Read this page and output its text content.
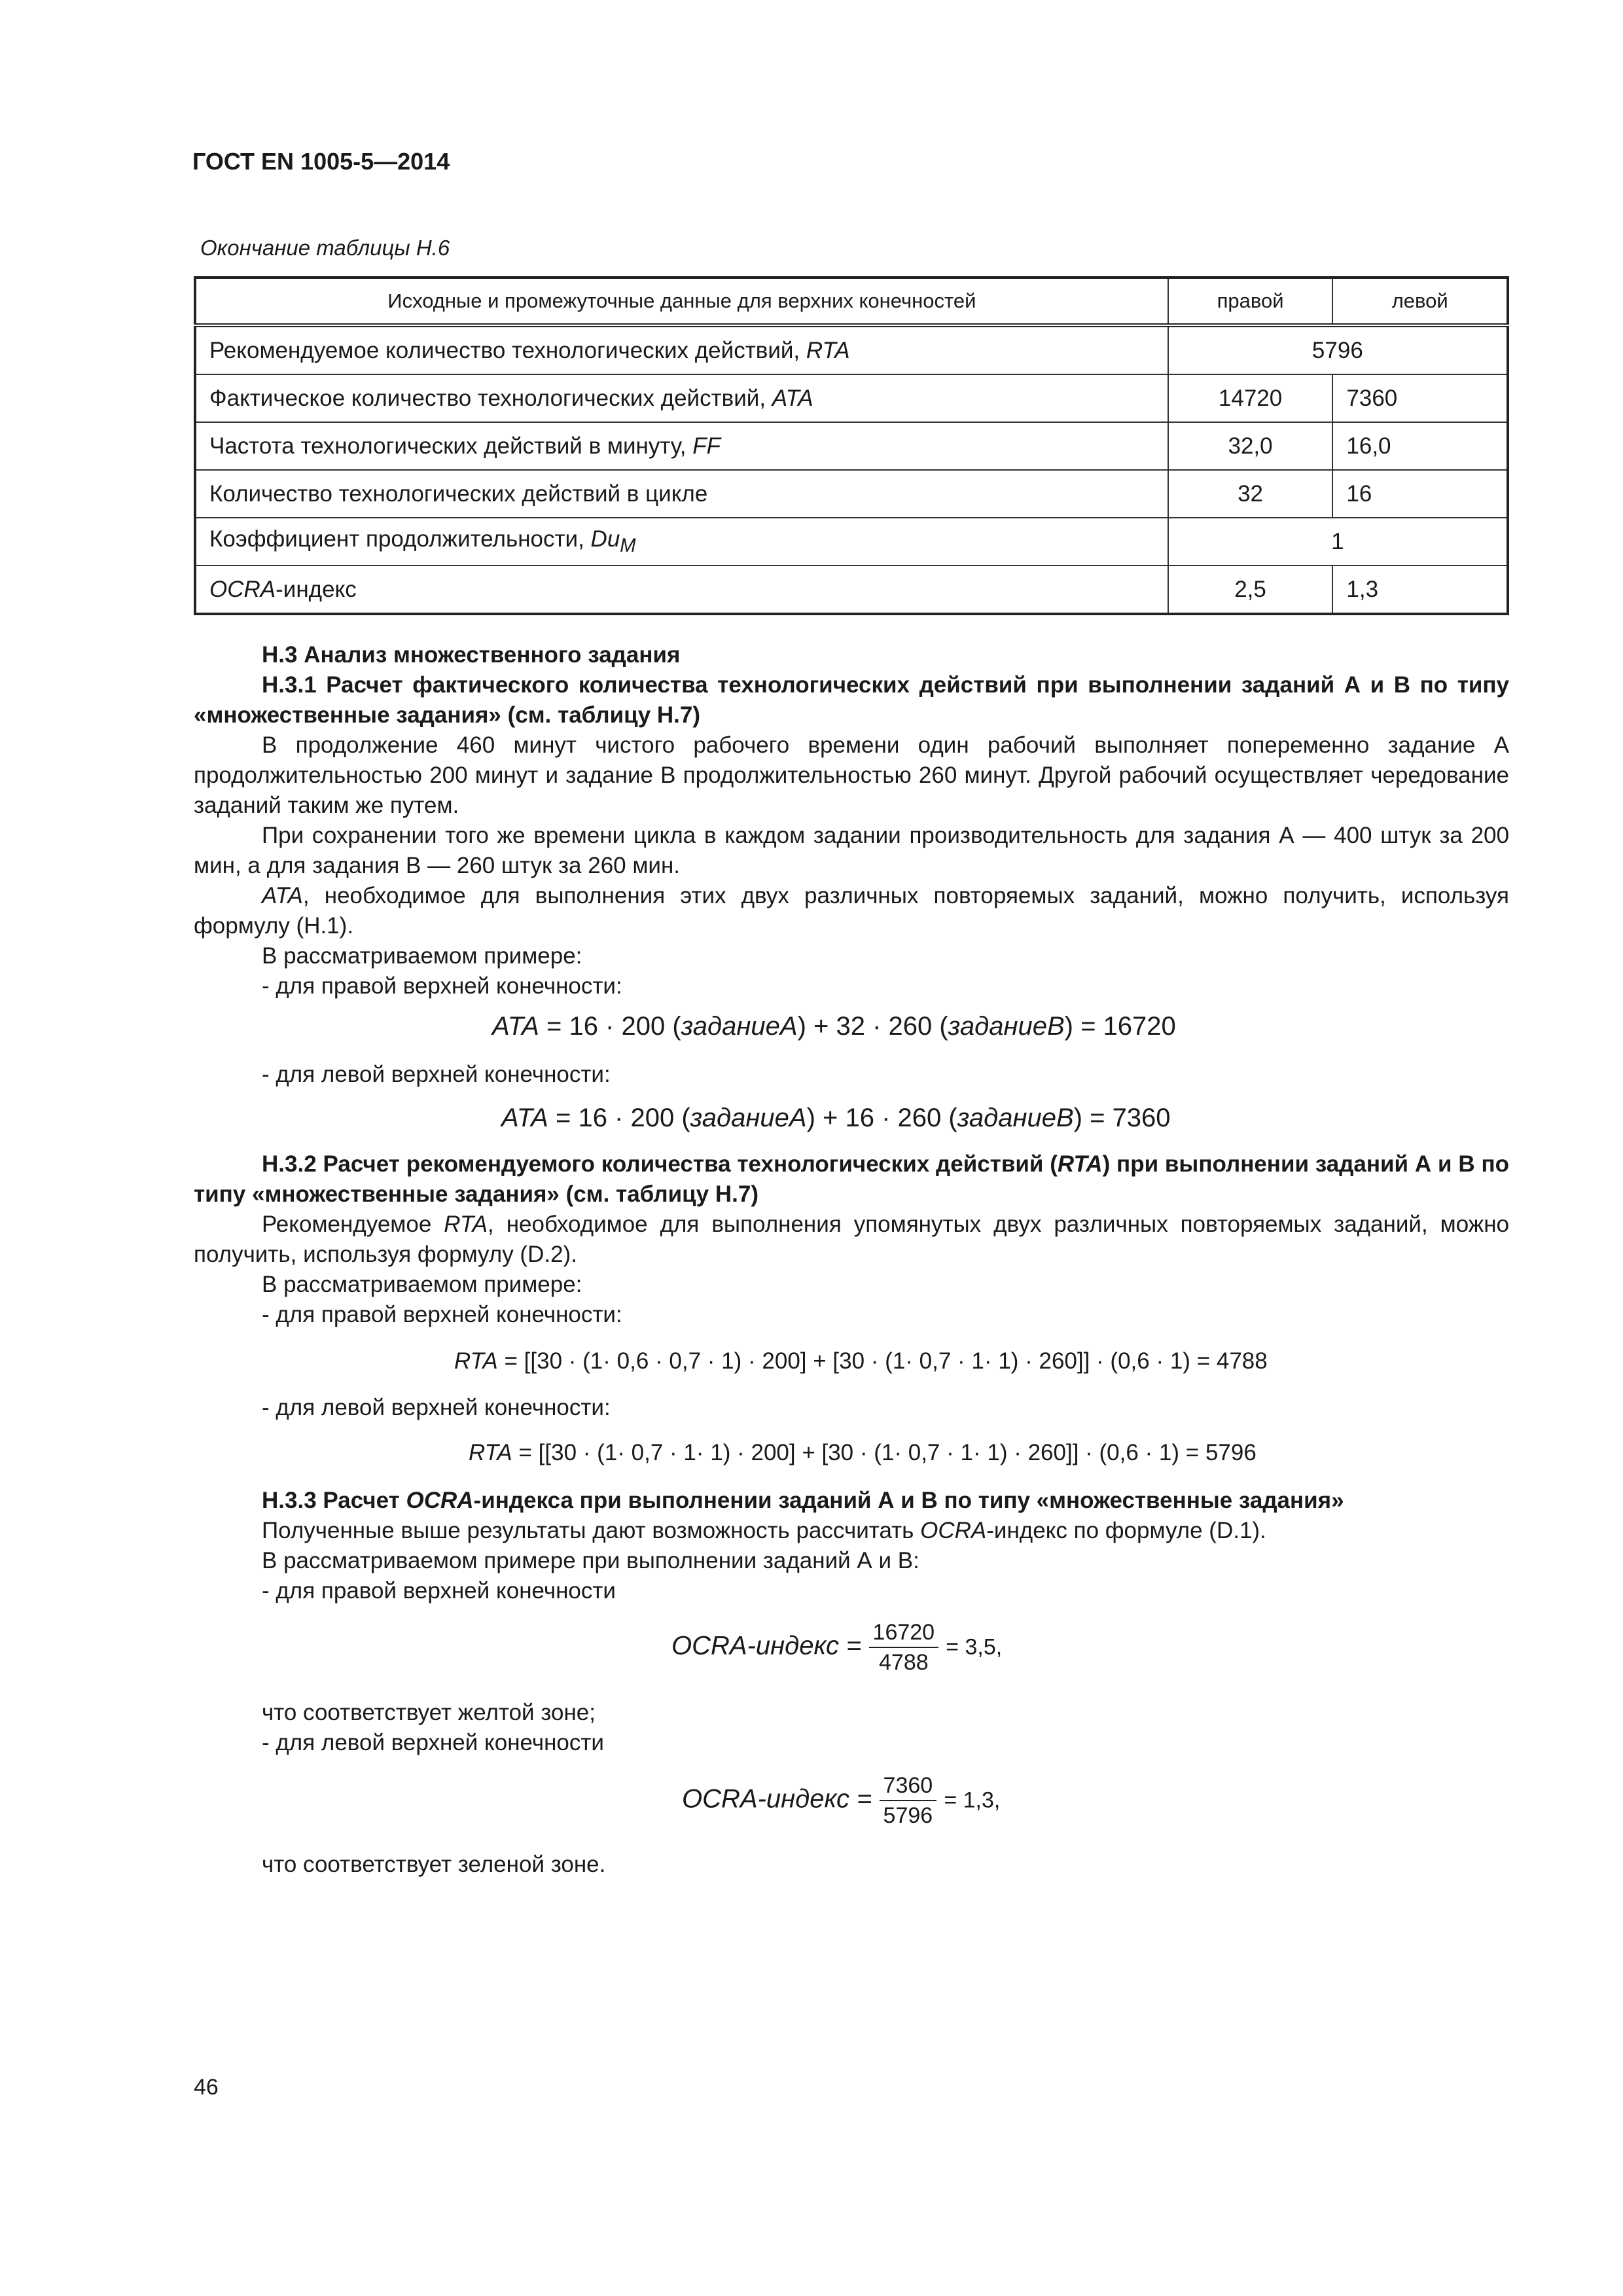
ГОСТ EN 1005-5—2014
Окончание таблицы Н.6
Исходные и промежуточные данные для верхних конечностей	правой	левой
Рекомендуемое количество технологических действий, RTA	5796	
Фактическое количество технологических действий, ATA	14720	7360
Частота технологических действий в минуту, FF	32,0	16,0
Количество технологических действий в цикле	32	16
Коэффициент продолжительности, $Du_M$	1	
OCRA-индекс	2,5	1,3

Н.3 Анализ множественного задания

Н.3.1 Расчет фактического количества технологических действий при выполнении заданий А и В по типу «множественные задания» (см. таблицу Н.7)

В продолжение 460 минут чистого рабочего времени один рабочий выполняет попеременно задание А продолжительностью 200 минут и задание В продолжительностью 260 минут. Другой рабочий осуществляет чередование заданий таким же путем.

При сохранении того же времени цикла в каждом задании производительность для задания А — 400 штук за 200 мин, а для задания В — 260 штук за 260 мин.

ATA, необходимое для выполнения этих двух различных повторяемых заданий, можно получить, используя формулу (Н.1).

В рассматриваемом примере:

- для правой верхней конечности:

ATA = 16 · 200 (заданиеA) + 32 · 260 (заданиеB) = 16720
- для левой верхней конечности:
ATA = 16 · 200 (заданиеA) + 16 · 260 (заданиеB) = 7360

Н.3.2 Расчет рекомендуемого количества технологических действий (RTA) при выполнении заданий А и В по типу «множественные задания» (см. таблицу Н.7)

Рекомендуемое RTA, необходимое для выполнения упомянутых двух различных повторяемых заданий, можно получить, используя формулу (D.2).

В рассматриваемом примере:

- для правой верхней конечности:

RTA = [[30 · (1· 0,6 · 0,7 · 1) · 200] + [30 · (1· 0,7 · 1· 1) · 260]] · (0,6 · 1) = 4788
- для левой верхней конечности:
RTA = [[30 · (1· 0,7 · 1· 1) · 200] + [30 · (1· 0,7 · 1· 1) · 260]] · (0,6 · 1) = 5796

Н.3.3 Расчет OCRA-индекса при выполнении заданий А и В по типу «множественные задания»

Полученные выше результаты дают возможность рассчитать OCRA-индекс по формуле (D.1).

В рассматриваемом примере при выполнении заданий А и В:

- для правой верхней конечности

OCRA-индекс = $\frac{16720}{4788} = 3,5$,
что соответствует желтой зоне;
- для левой верхней конечности
OCRA-индекс = $\frac{7360}{5796} = 1,3$,
что соответствует зеленой зоне.
46
